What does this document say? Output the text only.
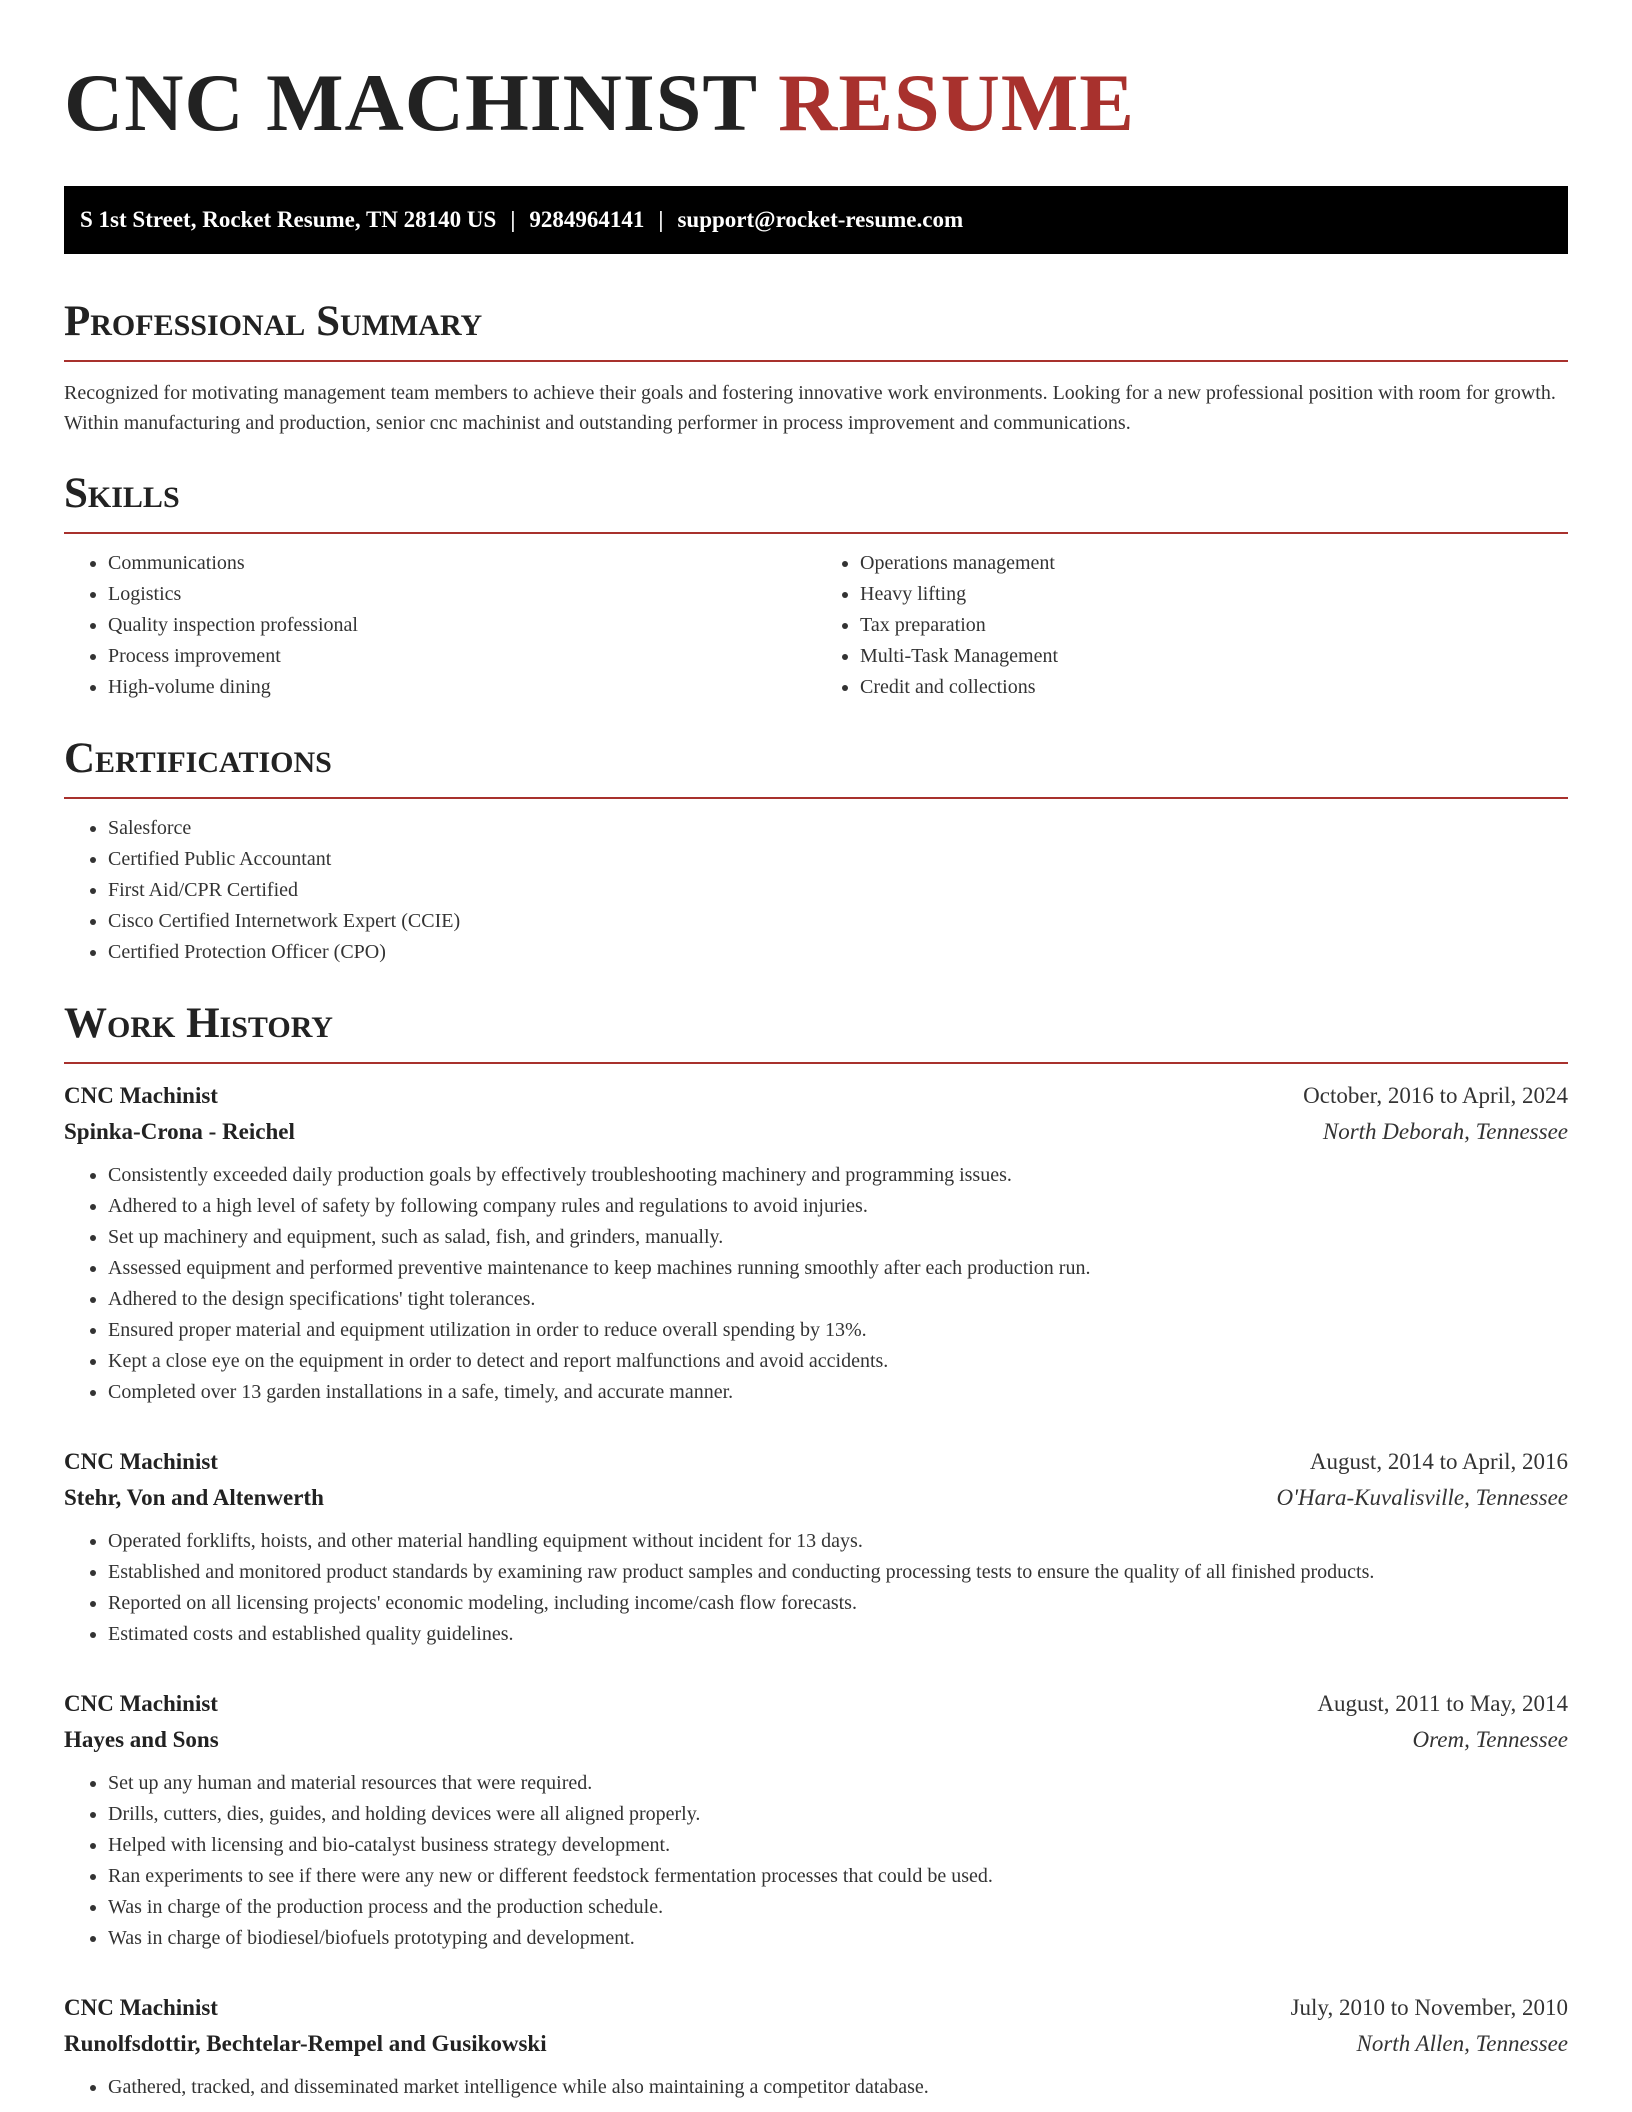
CNC MACHINIST RESUME
S 1st Street, Rocket Resume, TN 28140 US | 9284964141 | support@rocket-resume.com
Professional Summary

Recognized for motivating management team members to achieve their goals and fostering innovative work environments. Looking for a new professional position with room for growth. Within manufacturing and production, senior cnc machinist and outstanding performer in process improvement and communications.

Skills
• Communications
• Logistics
• Quality inspection professional
• Process improvement
• High-volume dining
• Operations management
• Heavy lifting
• Tax preparation
• Multi-Task Management
• Credit and collections
Certifications
• Salesforce
• Certified Public Accountant
• First Aid/CPR Certified
• Cisco Certified Internetwork Expert (CCIE)
• Certified Protection Officer (CPO)
Work History
CNC Machinist	October, 2016 to April, 2024
Spinka-Crona - Reichel	North Deborah, Tennessee
• Consistently exceeded daily production goals by effectively troubleshooting machinery and programming issues.
• Adhered to a high level of safety by following company rules and regulations to avoid injuries.
• Set up machinery and equipment, such as salad, fish, and grinders, manually.
• Assessed equipment and performed preventive maintenance to keep machines running smoothly after each production run.
• Adhered to the design specifications' tight tolerances.
• Ensured proper material and equipment utilization in order to reduce overall spending by 13%.
• Kept a close eye on the equipment in order to detect and report malfunctions and avoid accidents.
• Completed over 13 garden installations in a safe, timely, and accurate manner.
CNC Machinist	August, 2014 to April, 2016
Stehr, Von and Altenwerth	O'Hara-Kuvalisville, Tennessee
• Operated forklifts, hoists, and other material handling equipment without incident for 13 days.
• Established and monitored product standards by examining raw product samples and conducting processing tests to ensure the quality of all finished products.
• Reported on all licensing projects' economic modeling, including income/cash flow forecasts.
• Estimated costs and established quality guidelines.
CNC Machinist	August, 2011 to May, 2014
Hayes and Sons	Orem, Tennessee
• Set up any human and material resources that were required.
• Drills, cutters, dies, guides, and holding devices were all aligned properly.
• Helped with licensing and bio-catalyst business strategy development.
• Ran experiments to see if there were any new or different feedstock fermentation processes that could be used.
• Was in charge of the production process and the production schedule.
• Was in charge of biodiesel/biofuels prototyping and development.
CNC Machinist	July, 2010 to November, 2010
Runolfsdottir, Bechtelar-Rempel and Gusikowski	North Allen, Tennessee
• Gathered, tracked, and disseminated market intelligence while also maintaining a competitor database.
